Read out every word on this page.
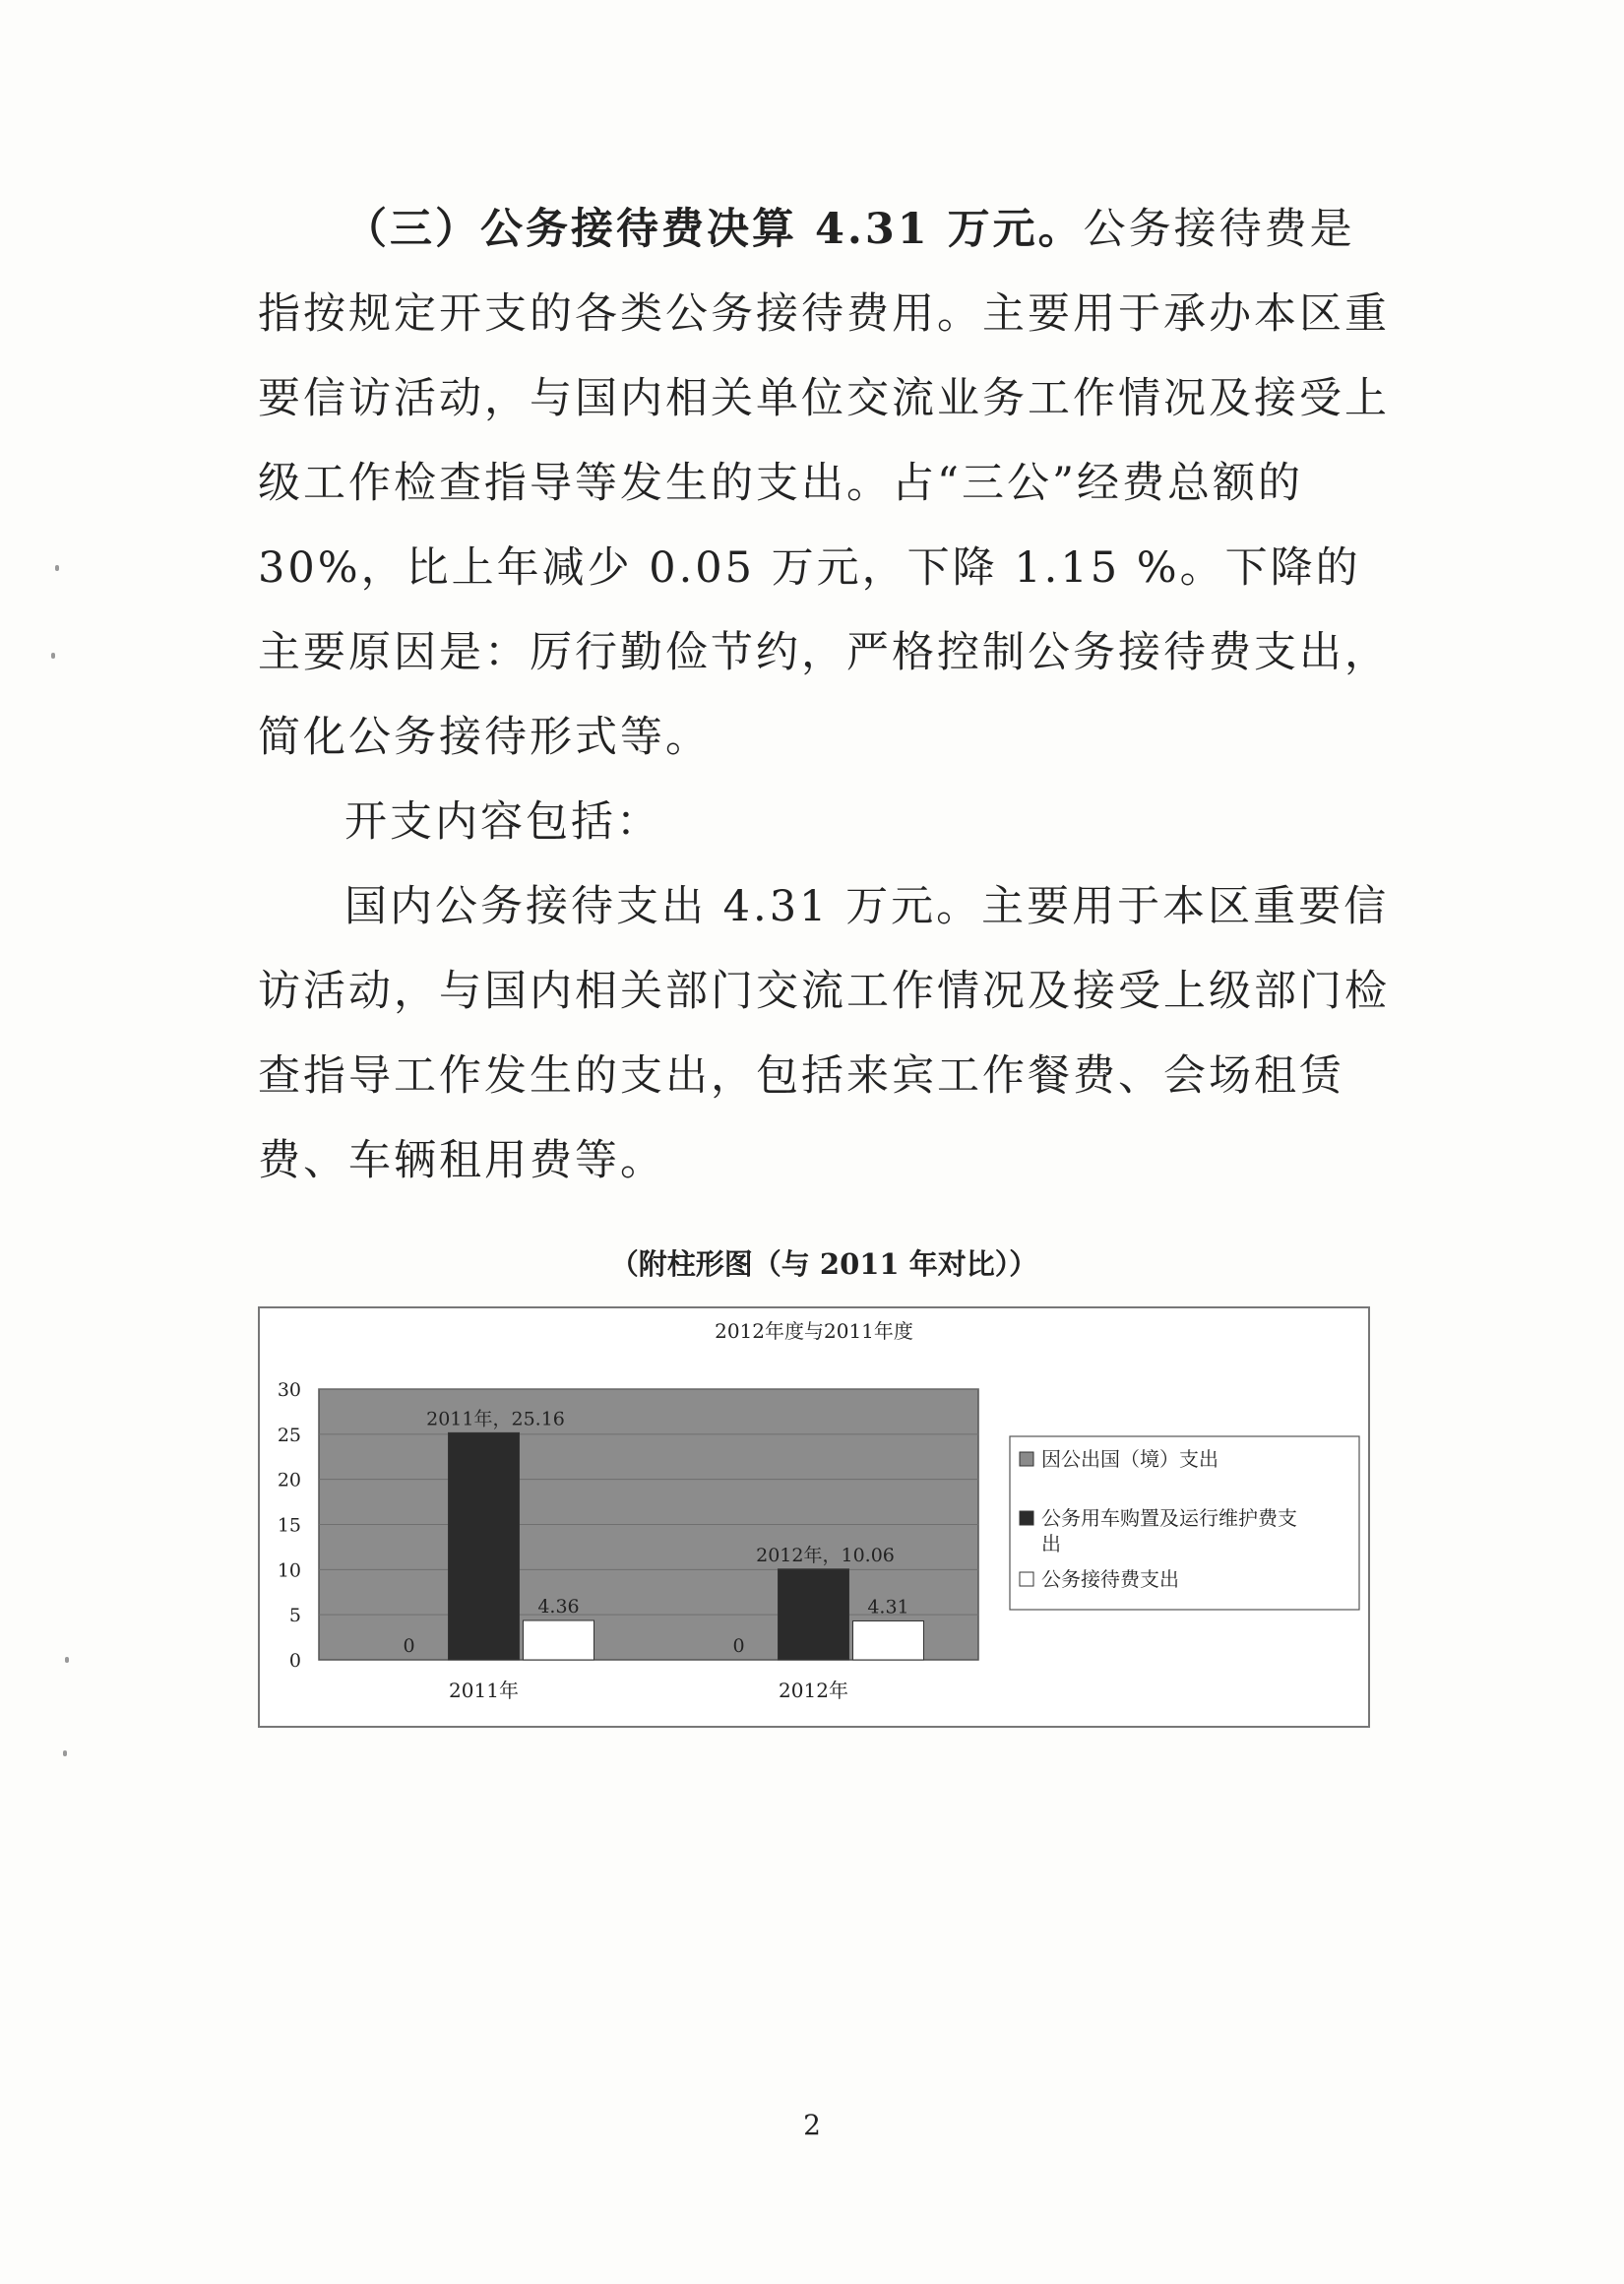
（三）公务接待费决算 4.31 万元。公务接待费是指按规定开支的各类公务接待费用。主要用于承办本区重要信访活动，与国内相关单位交流业务工作情况及接受上级工作检查指导等发生的支出。占“三公”经费总额的 30%，比上年减少 0.05 万元，下降 1.15 %。下降的主要原因是：厉行勤俭节约，严格控制公务接待费支出，简化公务接待形式等。

开支内容包括：

国内公务接待支出 4.31 万元。主要用于本区重要信访活动，与国内相关部门交流工作情况及接受上级部门检查指导工作发生的支出，包括来宾工作餐费、会场租赁费、车辆租用费等。

（附柱形图（与 2011 年对比））
2012年度与2011年度
0
5
10
15
20
25
30
0
2011年，25.16
4.36
2011年
0
2012年，10.06
4.31
2012年
因公出国（境）支出
公务用车购置及运行维护费支
出
公务接待费支出
2
